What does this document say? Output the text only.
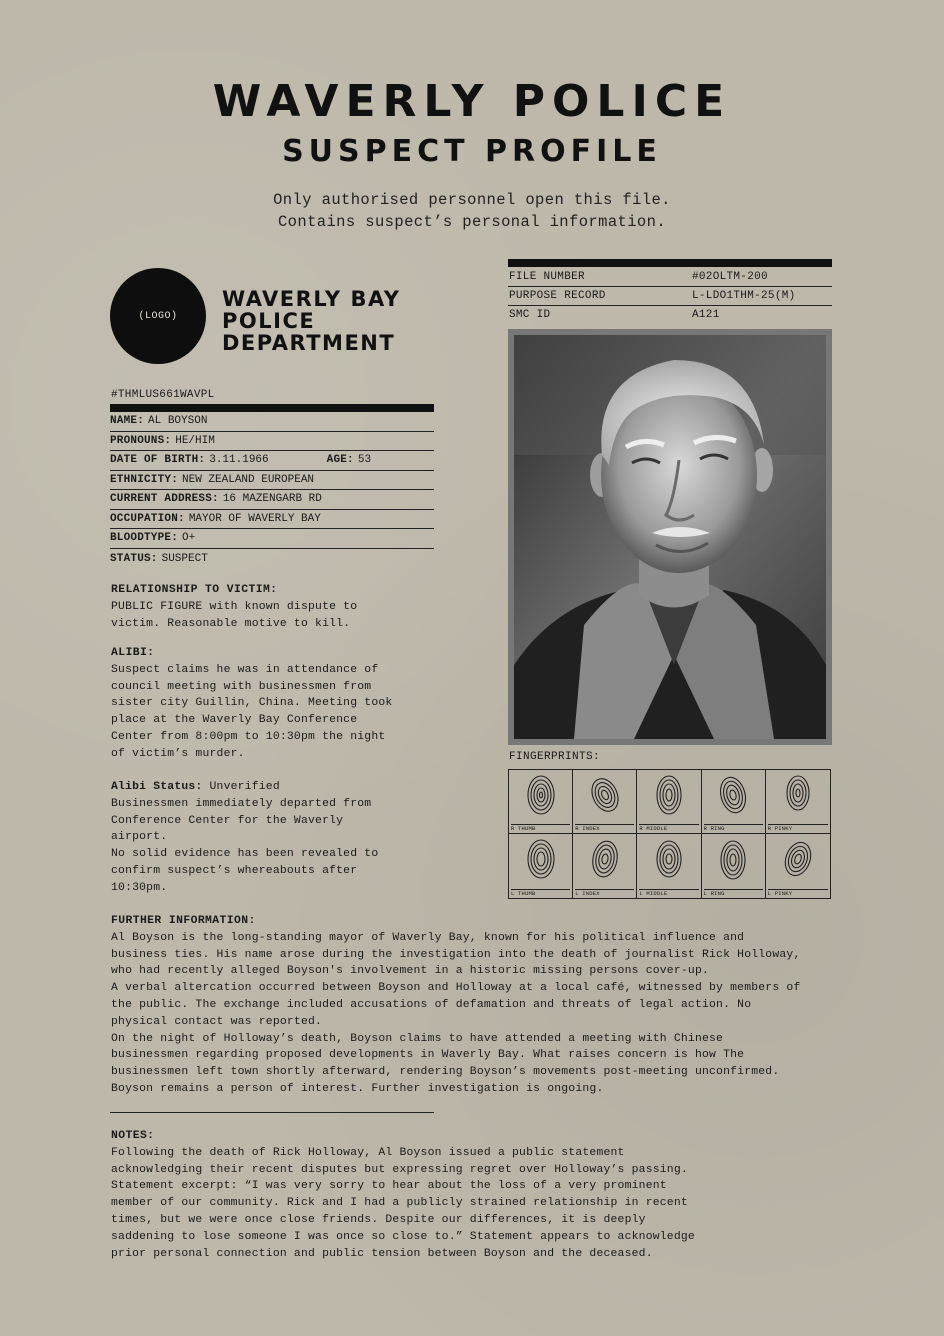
WAVERLY POLICE
SUSPECT PROFILE
Only authorised personnel open this file.
Contains suspect’s personal information.
(LOGO)
WAVERLY BAY
POLICE
DEPARTMENT
#THMLUS661WAVPL
NAME: AL BOYSON
PRONOUNS: HE/HIM
DATE OF BIRTH: 3.11.1966	AGE: 53
ETHNICITY: NEW ZEALAND EUROPEAN
CURRENT ADDRESS: 16 MAZENGARB RD
OCCUPATION: MAYOR OF WAVERLY BAY
BLOODTYPE: O+
STATUS: SUSPECT
RELATIONSHIP TO VICTIM:

PUBLIC FIGURE with known dispute to
victim. Reasonable motive to kill.

ALIBI:

Suspect claims he was in attendance of
council meeting with businessmen from
sister city Guillin, China. Meeting took
place at the Waverly Bay Conference
Center from 8:00pm to 10:30pm the night
of victim’s murder.

Alibi Status: Unverified

Businessmen immediately departed from
Conference Center for the Waverly
airport.
No solid evidence has been revealed to
confirm suspect’s whereabouts after
10:30pm.

FURTHER INFORMATION:

Al Boyson is the long-standing mayor of Waverly Bay, known for his political influence and
business ties. His name arose during the investigation into the death of journalist Rick Holloway,
who had recently alleged Boyson's involvement in a historic missing persons cover-up.
A verbal altercation occurred between Boyson and Holloway at a local café, witnessed by members of
the public. The exchange included accusations of defamation and threats of legal action. No
physical contact was reported.
On the night of Holloway’s death, Boyson claims to have attended a meeting with Chinese
businessmen regarding proposed developments in Waverly Bay. What raises concern is how The
businessmen left town shortly afterward, rendering Boyson’s movements post-meeting unconfirmed.
Boyson remains a person of interest. Further investigation is ongoing.

NOTES:

Following the death of Rick Holloway, Al Boyson issued a public statement
acknowledging their recent disputes but expressing regret over Holloway’s passing.
Statement excerpt: “I was very sorry to hear about the loss of a very prominent
member of our community. Rick and I had a publicly strained relationship in recent
times, but we were once close friends. Despite our differences, it is deeply
saddening to lose someone I was once so close to.” Statement appears to acknowledge
prior personal connection and public tension between Boyson and the deceased.

FILE NUMBER	#02OLTM-200
PURPOSE RECORD	L-LDO1THM-25(M)
SMC ID	A121
FINGERPRINTS:
R THUMB	R INDEX	R MIDDLE	R RING	R PINKY
L THUMB	L INDEX	L MIDDLE	L RING	L PINKY
